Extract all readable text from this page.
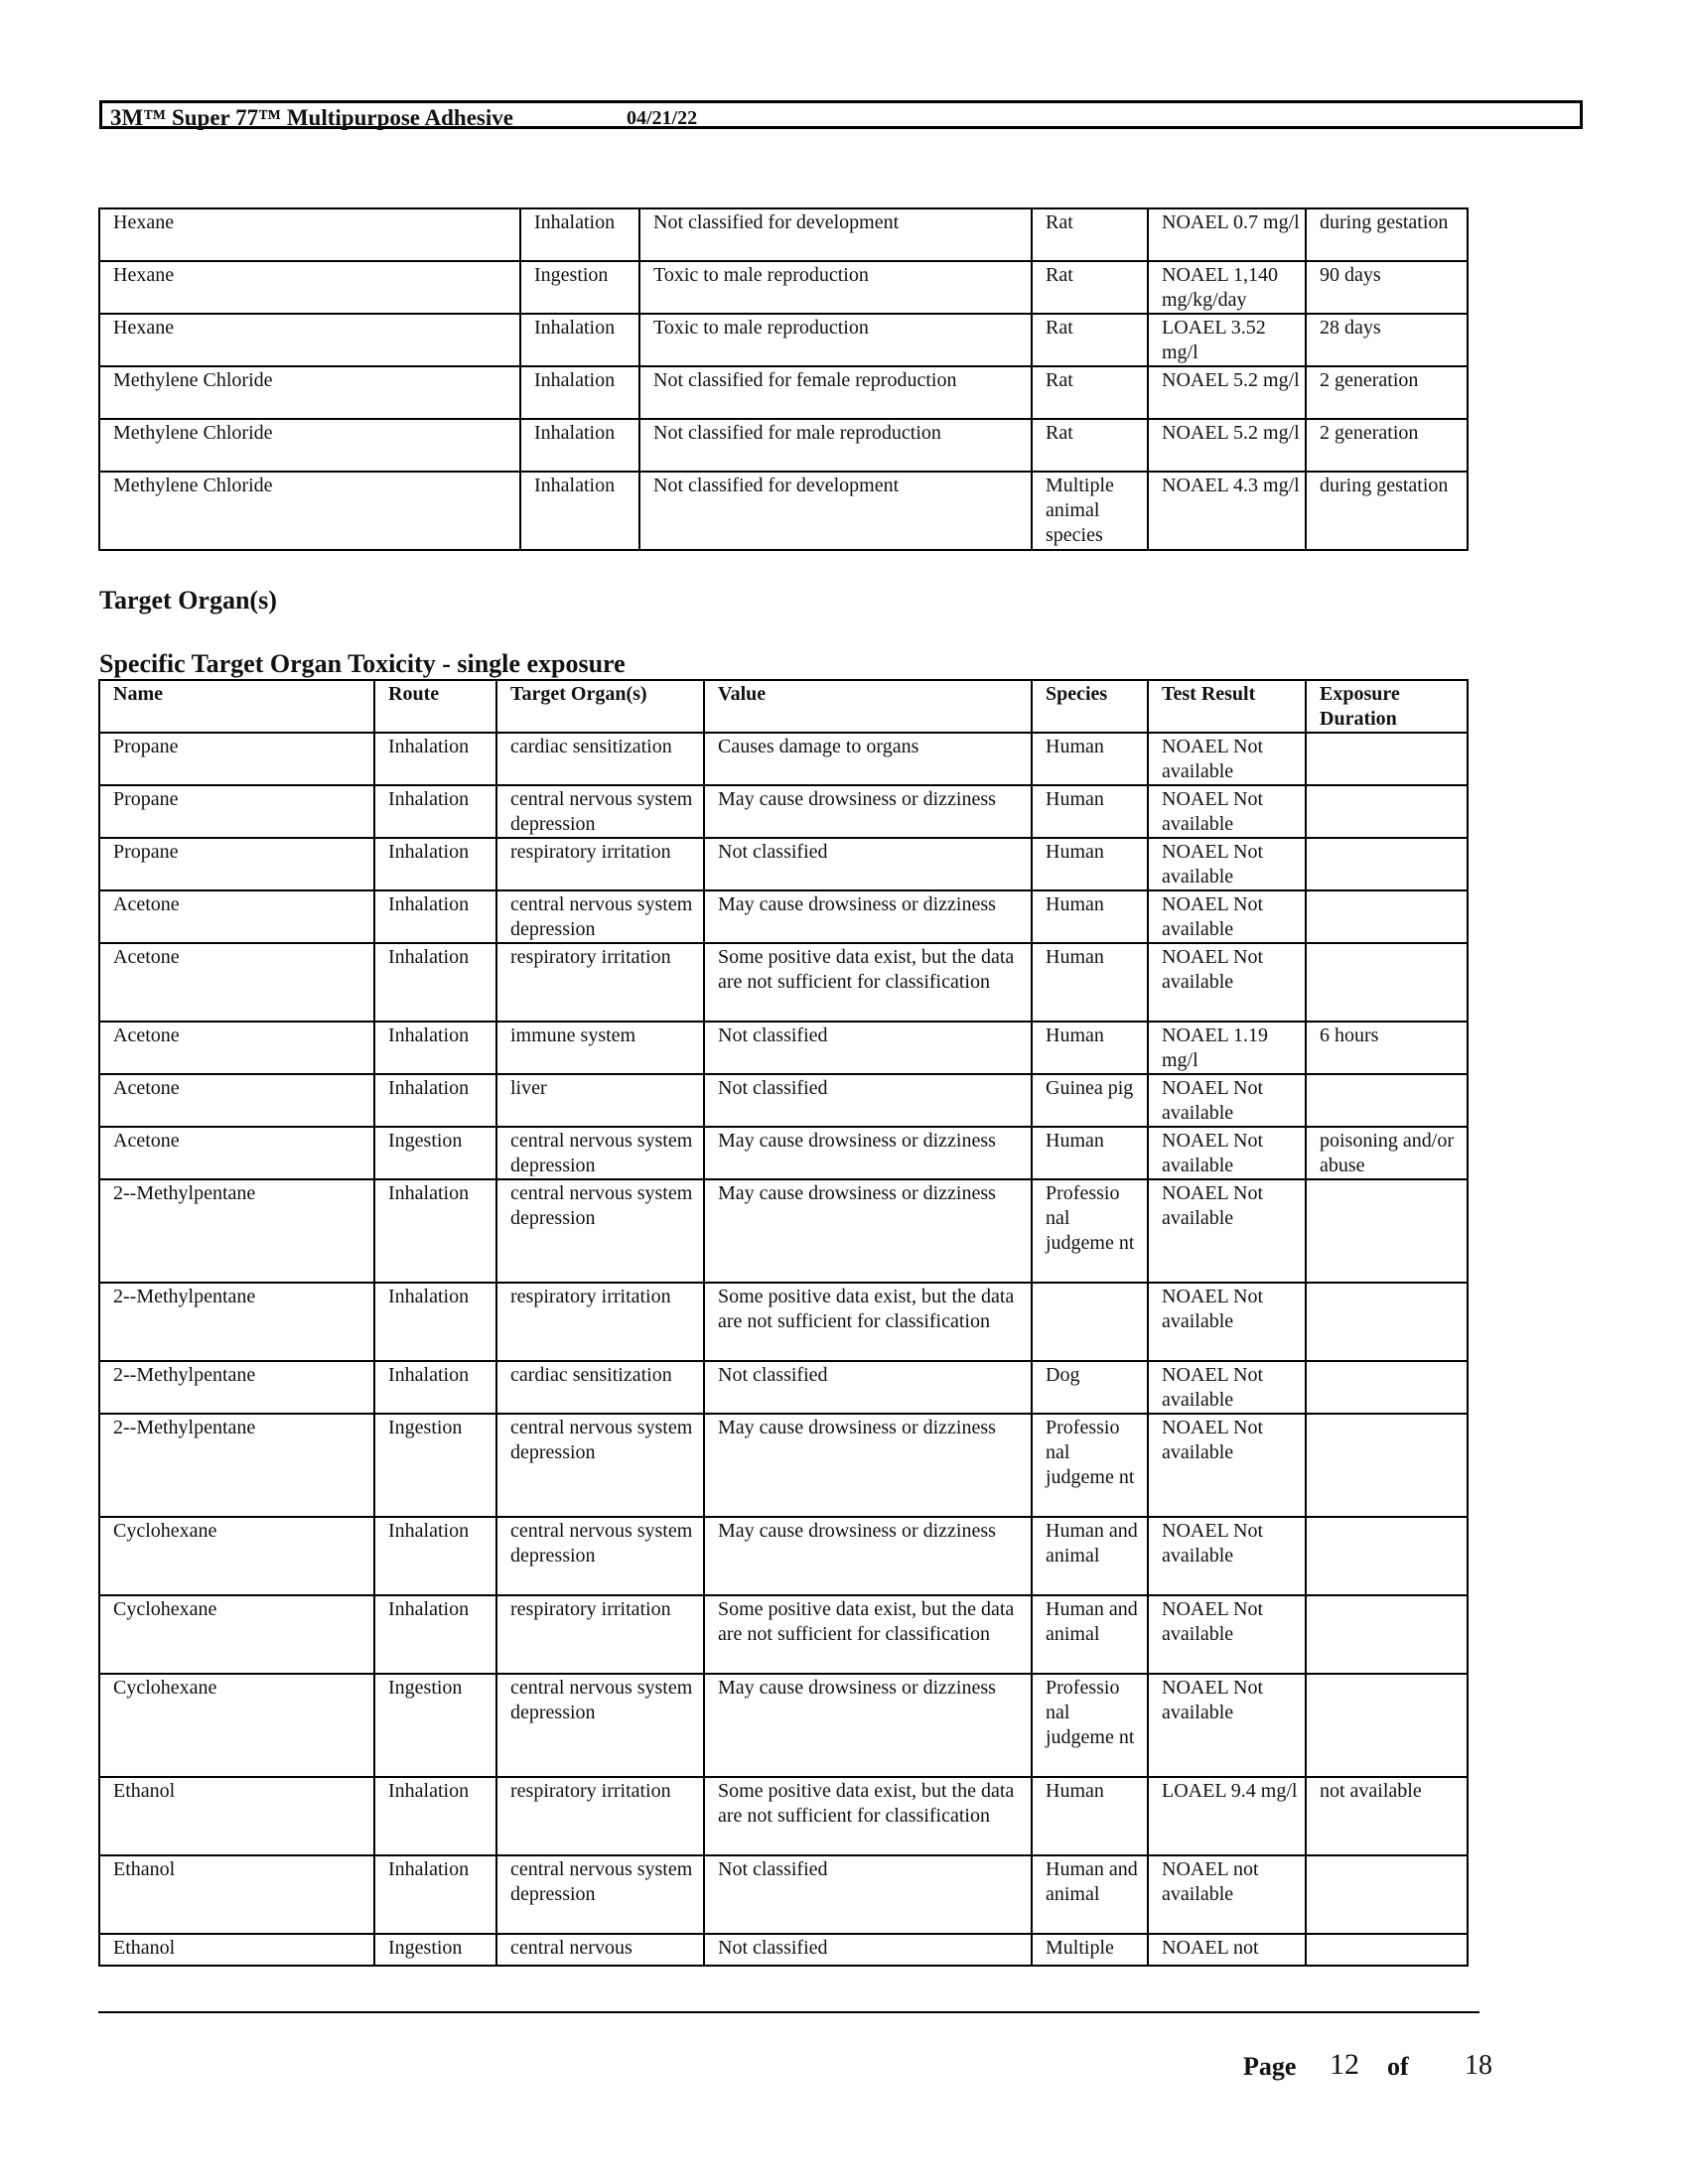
3M™ Super 77™ Multipurpose Adhesive	04/21/22
Hexane	Inhalation	Not classified for development	Rat	NOAEL 0.7 mg/l	during gestation
Hexane	Ingestion	Toxic to male reproduction	Rat	NOAEL 1,140 mg/kg/day	90 days
Hexane	Inhalation	Toxic to male reproduction	Rat	LOAEL 3.52 mg/l	28 days
Methylene Chloride	Inhalation	Not classified for female reproduction	Rat	NOAEL 5.2 mg/l	2 generation
Methylene Chloride	Inhalation	Not classified for male reproduction	Rat	NOAEL 5.2 mg/l	2 generation
Methylene Chloride	Inhalation	Not classified for development	Multiple animal species	NOAEL 4.3 mg/l	during gestation
Target Organ(s)
Specific Target Organ Toxicity - single exposure
Name	Route	Target Organ(s)	Value	Species	Test Result	Exposure Duration
Propane	Inhalation	cardiac sensitization	Causes damage to organs	Human	NOAEL Not available	
Propane	Inhalation	central nervous system depression	May cause drowsiness or dizziness	Human	NOAEL Not available	
Propane	Inhalation	respiratory irritation	Not classified	Human	NOAEL Not available	
Acetone	Inhalation	central nervous system depression	May cause drowsiness or dizziness	Human	NOAEL Not available	
Acetone	Inhalation	respiratory irritation	Some positive data exist, but the data are not sufficient for classification	Human	NOAEL Not available	
Acetone	Inhalation	immune system	Not classified	Human	NOAEL 1.19 mg/l	6 hours
Acetone	Inhalation	liver	Not classified	Guinea pig	NOAEL Not available	
Acetone	Ingestion	central nervous system depression	May cause drowsiness or dizziness	Human	NOAEL Not available	poisoning and/or abuse
2--Methylpentane	Inhalation	central nervous system depression	May cause drowsiness or dizziness	Professio nal judgeme nt	NOAEL Not available	
2--Methylpentane	Inhalation	respiratory irritation	Some positive data exist, but the data are not sufficient for classification		NOAEL Not available	
2--Methylpentane	Inhalation	cardiac sensitization	Not classified	Dog	NOAEL Not available	
2--Methylpentane	Ingestion	central nervous system depression	May cause drowsiness or dizziness	Professio nal judgeme nt	NOAEL Not available	
Cyclohexane	Inhalation	central nervous system depression	May cause drowsiness or dizziness	Human and animal	NOAEL Not available	
Cyclohexane	Inhalation	respiratory irritation	Some positive data exist, but the data are not sufficient for classification	Human and animal	NOAEL Not available	
Cyclohexane	Ingestion	central nervous system depression	May cause drowsiness or dizziness	Professio nal judgeme nt	NOAEL Not available	
Ethanol	Inhalation	respiratory irritation	Some positive data exist, but the data are not sufficient for classification	Human	LOAEL 9.4 mg/l	not available
Ethanol	Inhalation	central nervous system depression	Not classified	Human and animal	NOAEL not available	
Ethanol	Ingestion	central nervous	Not classified	Multiple	NOAEL not	
Page 12 of 18
